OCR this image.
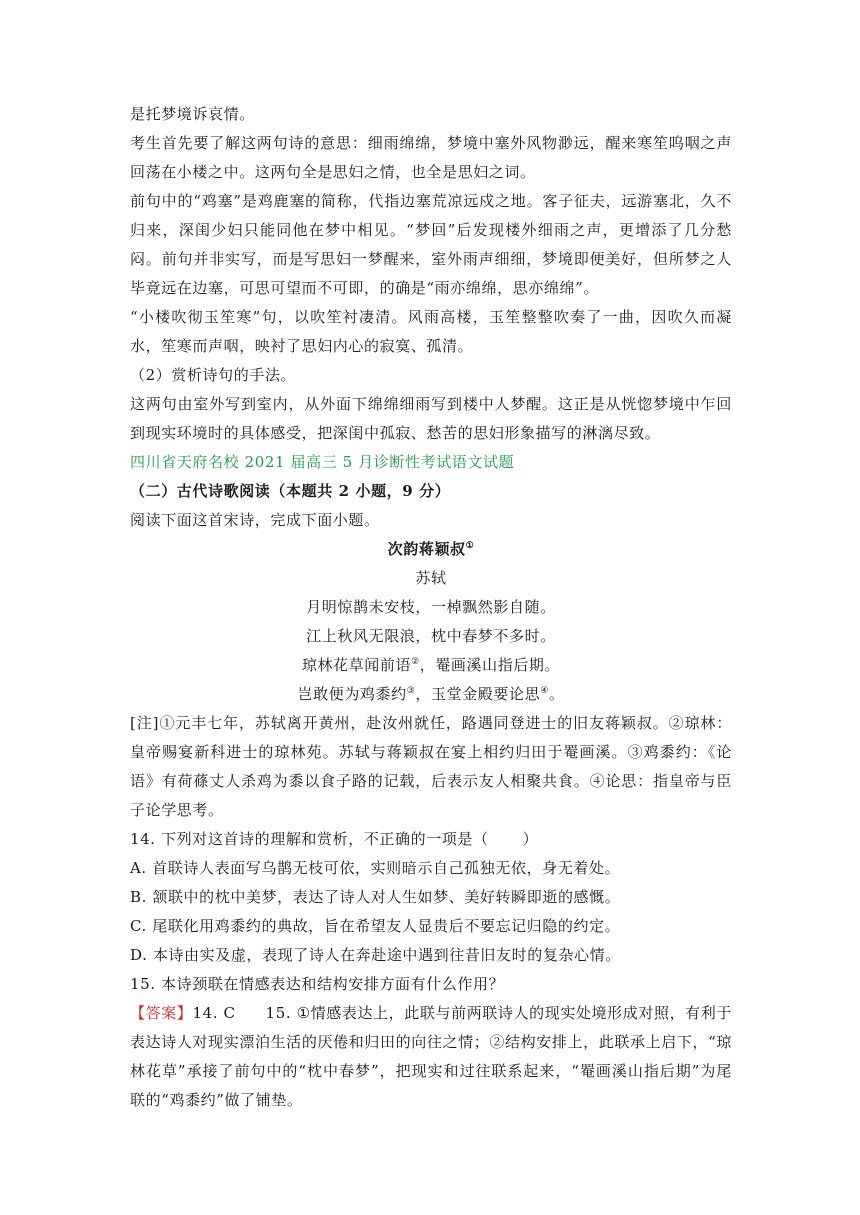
是托梦境诉哀情。
考生首先要了解这两句诗的意思：细雨绵绵，梦境中塞外风物渺远，醒来寒笙呜咽之声回荡在小楼之中。这两句全是思妇之情，也全是思妇之词。
前句中的“鸡塞”是鸡鹿塞的简称，代指边塞荒凉远戍之地。客子征夫，远游塞北，久不归来，深闺少妇只能同他在梦中相见。“梦回”后发现楼外细雨之声，更增添了几分愁闷。前句并非实写，而是写思妇一梦醒来，室外雨声细细，梦境即便美好，但所梦之人毕竟远在边塞，可思可望而不可即，的确是“雨亦绵绵，思亦绵绵”。
“小楼吹彻玉笙寒”句，以吹笙衬凄清。风雨高楼，玉笙整整吹奏了一曲，因吹久而凝水，笙寒而声咽，映衬了思妇内心的寂寞、孤清。
（2）赏析诗句的手法。
这两句由室外写到室内，从外面下绵绵细雨写到楼中人梦醒。这正是从恍惚梦境中乍回到现实环境时的具体感受，把深闺中孤寂、愁苦的思妇形象描写的淋漓尽致。
四川省天府名校 2021 届高三 5 月诊断性考试语文试题
（二）古代诗歌阅读（本题共 2 小题，9 分）
阅读下面这首宋诗，完成下面小题。
次韵蒋颖叔①
苏轼
月明惊鹊未安枝，一棹飘然影自随。
江上秋风无限浪，枕中春梦不多时。
琼林花草闻前语②，罨画溪山指后期。
岂敢便为鸡黍约③，玉堂金殿要论思④。
[注]①元丰七年，苏轼离开黄州，赴汝州就任，路遇同登进士的旧友蒋颖叔。②琼林：皇帝赐宴新科进士的琼林苑。苏轼与蒋颖叔在宴上相约归田于罨画溪。③鸡黍约：《论语》有荷蓧丈人杀鸡为黍以食子路的记载，后表示友人相聚共食。④论思：指皇帝与臣子论学思考。
14. 下列对这首诗的理解和赏析，不正确的一项是（ ）
A. 首联诗人表面写乌鹊无枝可依，实则暗示自己孤独无依，身无着处。
B. 颔联中的枕中美梦，表达了诗人对人生如梦、美好转瞬即逝的感慨。
C. 尾联化用鸡黍约的典故，旨在希望友人显贵后不要忘记归隐的约定。
D. 本诗由实及虚，表现了诗人在奔赴途中遇到往昔旧友时的复杂心情。
15. 本诗颈联在情感表达和结构安排方面有什么作用？
【答案】14. C 15. ①情感表达上，此联与前两联诗人的现实处境形成对照，有利于表达诗人对现实漂泊生活的厌倦和归田的向往之情；②结构安排上，此联承上启下，“琼林花草”承接了前句中的“枕中春梦”，把现实和过往联系起来，“罨画溪山指后期”为尾联的“鸡黍约”做了铺垫。
